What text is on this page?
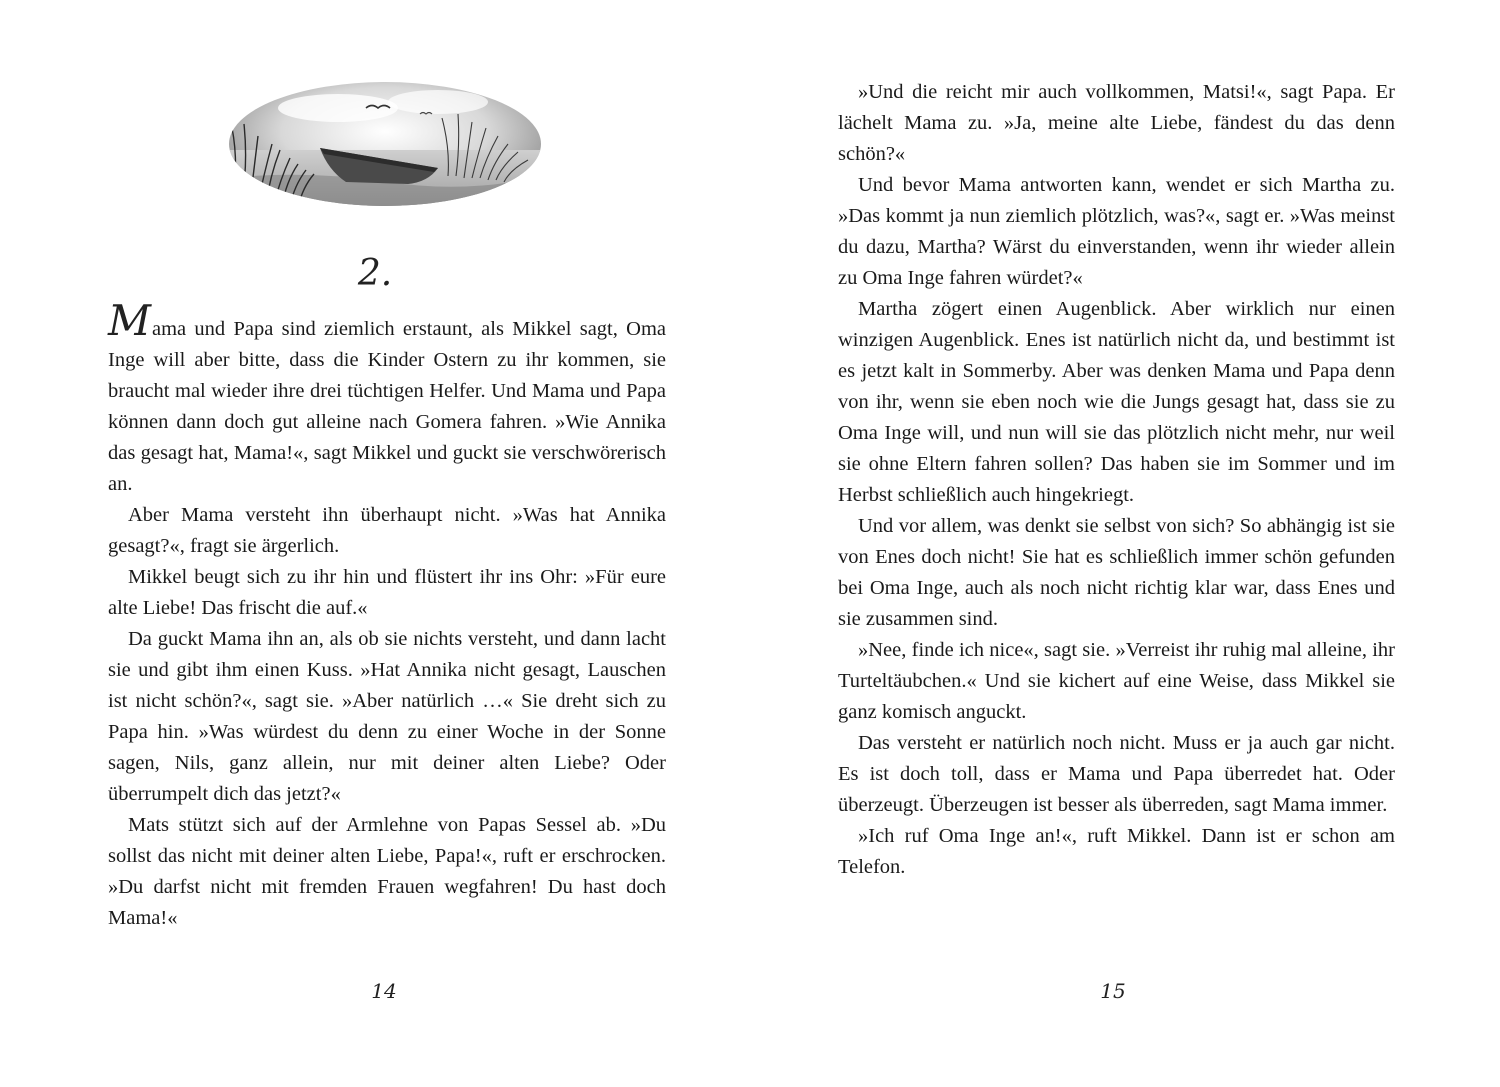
2.

Mama und Papa sind ziemlich erstaunt, als Mikkel sagt, Oma Inge will aber bitte, dass die Kinder Ostern zu ihr kommen, sie braucht mal wieder ihre drei tüchtigen Helfer. Und Mama und Papa können dann doch gut alleine nach Gomera fahren. »Wie Annika das gesagt hat, Mama!«, sagt Mikkel und guckt sie verschwörerisch an.

Aber Mama versteht ihn überhaupt nicht. »Was hat Annika gesagt?«, fragt sie ärgerlich.

Mikkel beugt sich zu ihr hin und flüstert ihr ins Ohr: »Für eure alte Liebe! Das frischt die auf.«

Da guckt Mama ihn an, als ob sie nichts versteht, und dann lacht sie und gibt ihm einen Kuss. »Hat Annika nicht gesagt, Lauschen ist nicht schön?«, sagt sie. »Aber natürlich …« Sie dreht sich zu Papa hin. »Was würdest du denn zu einer Woche in der Sonne sagen, Nils, ganz allein, nur mit deiner alten Liebe? Oder überrumpelt dich das jetzt?«

Mats stützt sich auf der Armlehne von Papas Sessel ab. »Du sollst das nicht mit deiner alten Liebe, Papa!«, ruft er erschrocken. »Du darfst nicht mit fremden Frauen wegfahren! Du hast doch Mama!«

14

»Und die reicht mir auch vollkommen, Matsi!«, sagt Papa. Er lächelt Mama zu. »Ja, meine alte Liebe, fändest du das denn schön?«

Und bevor Mama antworten kann, wendet er sich Martha zu. »Das kommt ja nun ziemlich plötzlich, was?«, sagt er. »Was meinst du dazu, Martha? Wärst du einverstanden, wenn ihr wieder allein zu Oma Inge fahren würdet?«

Martha zögert einen Augenblick. Aber wirklich nur einen winzigen Augenblick. Enes ist natürlich nicht da, und bestimmt ist es jetzt kalt in Sommerby. Aber was denken Mama und Papa denn von ihr, wenn sie eben noch wie die Jungs gesagt hat, dass sie zu Oma Inge will, und nun will sie das plötzlich nicht mehr, nur weil sie ohne Eltern fahren sollen? Das haben sie im Sommer und im Herbst schließlich auch hingekriegt.

Und vor allem, was denkt sie selbst von sich? So abhängig ist sie von Enes doch nicht! Sie hat es schließlich immer schön gefunden bei Oma Inge, auch als noch nicht richtig klar war, dass Enes und sie zusammen sind.

»Nee, finde ich nice«, sagt sie. »Verreist ihr ruhig mal alleine, ihr Turteltäubchen.« Und sie kichert auf eine Weise, dass Mikkel sie ganz komisch anguckt.

Das versteht er natürlich noch nicht. Muss er ja auch gar nicht. Es ist doch toll, dass er Mama und Papa überredet hat. Oder überzeugt. Überzeugen ist besser als überreden, sagt Mama immer.

»Ich ruf Oma Inge an!«, ruft Mikkel. Dann ist er schon am Telefon.

15
